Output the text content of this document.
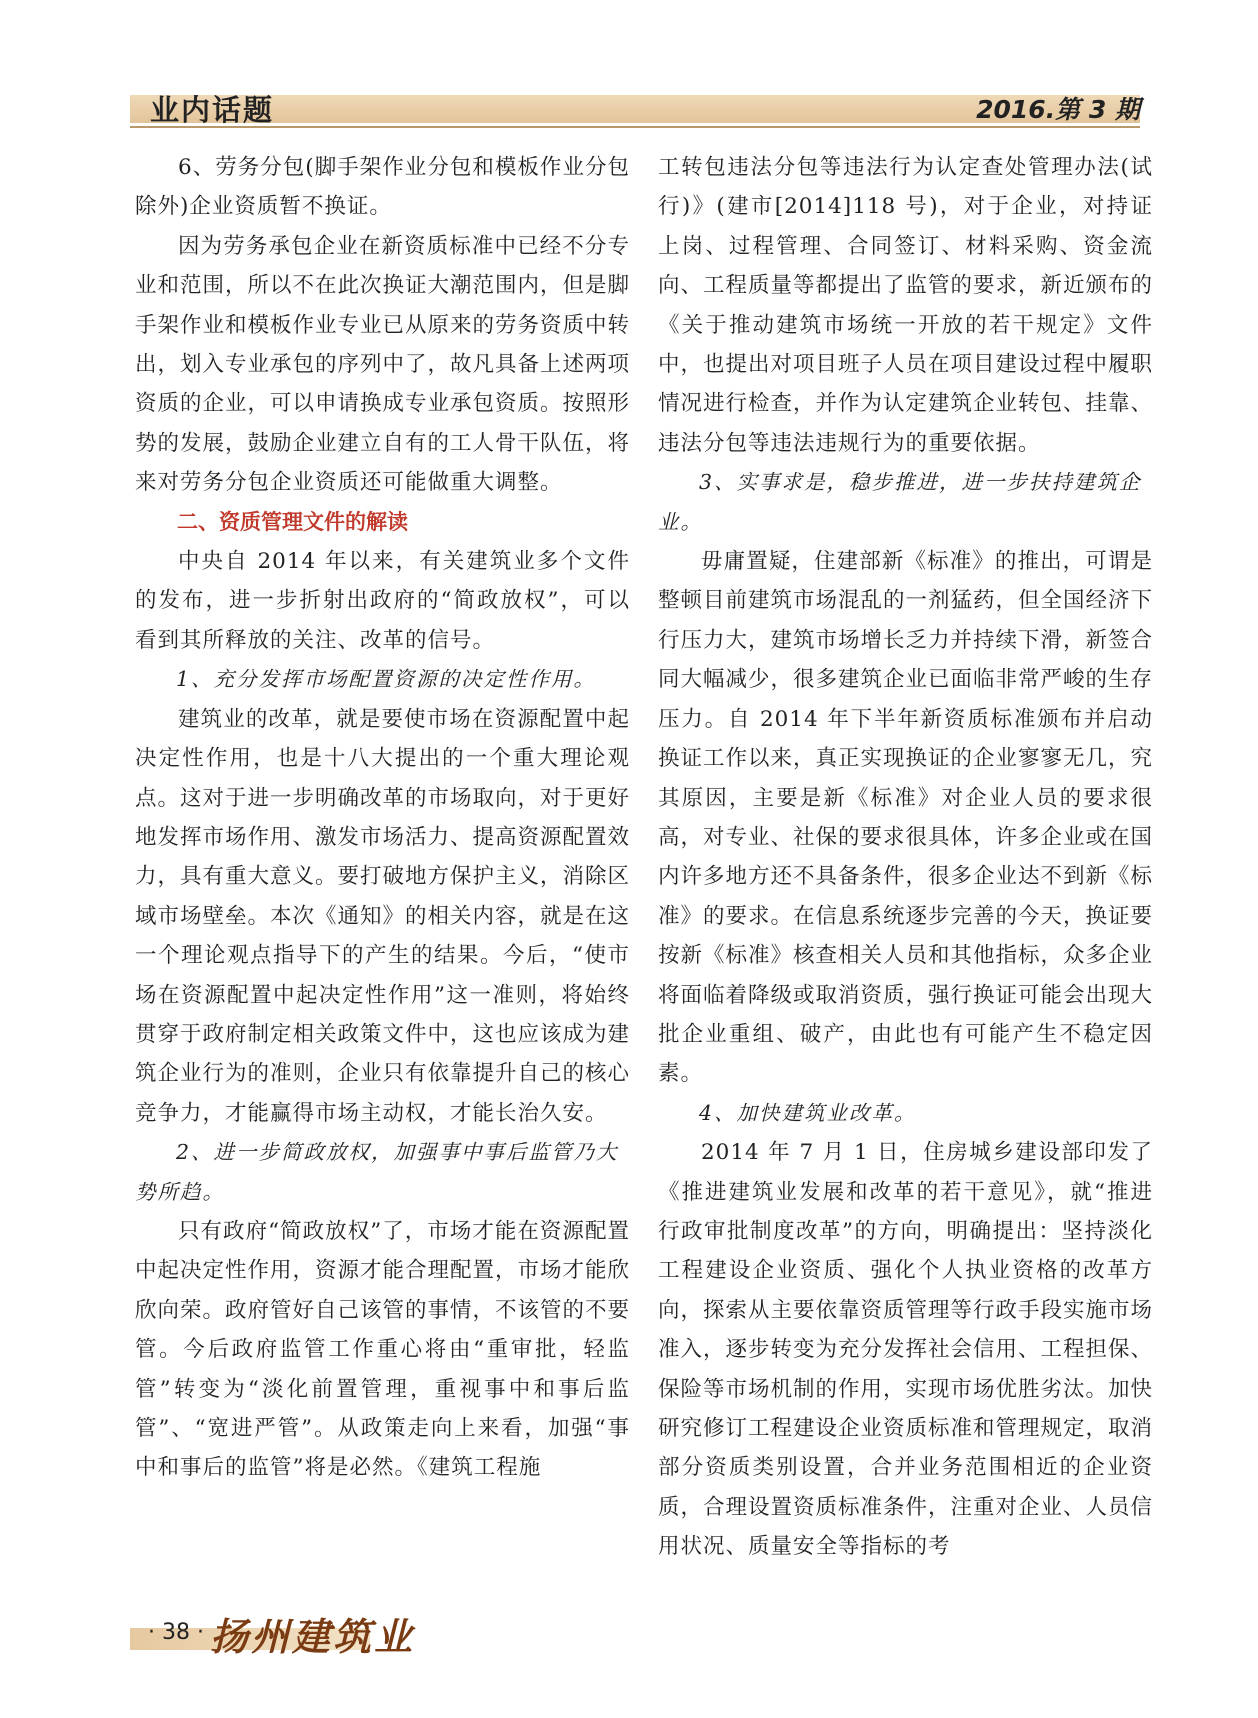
业内话题	2016.第 3 期

6、劳务分包(脚手架作业分包和模板作业分包除外)企业资质暂不换证。

因为劳务承包企业在新资质标准中已经不分专业和范围，所以不在此次换证大潮范围内，但是脚手架作业和模板作业专业已从原来的劳务资质中转出，划入专业承包的序列中了，故凡具备上述两项资质的企业，可以申请换成专业承包资质。按照形势的发展，鼓励企业建立自有的工人骨干队伍，将来对劳务分包企业资质还可能做重大调整。

二、资质管理文件的解读

中央自 2014 年以来，有关建筑业多个文件的发布，进一步折射出政府的“简政放权”，可以看到其所释放的关注、改革的信号。

1、充分发挥市场配置资源的决定性作用。

建筑业的改革，就是要使市场在资源配置中起决定性作用，也是十八大提出的一个重大理论观点。这对于进一步明确改革的市场取向，对于更好地发挥市场作用、激发市场活力、提高资源配置效力，具有重大意义。要打破地方保护主义，消除区域市场壁垒。本次《通知》的相关内容，就是在这一个理论观点指导下的产生的结果。今后，“使市场在资源配置中起决定性作用”这一准则，将始终贯穿于政府制定相关政策文件中，这也应该成为建筑企业行为的准则，企业只有依靠提升自己的核心竞争力，才能赢得市场主动权，才能长治久安。

2、进一步简政放权，加强事中事后监管乃大势所趋。

只有政府“简政放权”了，市场才能在资源配置中起决定性作用，资源才能合理配置，市场才能欣欣向荣。政府管好自己该管的事情，不该管的不要管。今后政府监管工作重心将由“重审批，轻监管”转变为“淡化前置管理，重视事中和事后监管”、“宽进严管”。从政策走向上来看，加强“事中和事后的监管”将是必然。《建筑工程施

工转包违法分包等违法行为认定查处管理办法(试行)》(建市[2014]118 号)，对于企业，对持证上岗、过程管理、合同签订、材料采购、资金流向、工程质量等都提出了监管的要求，新近颁布的《关于推动建筑市场统一开放的若干规定》文件中，也提出对项目班子人员在项目建设过程中履职情况进行检查，并作为认定建筑企业转包、挂靠、违法分包等违法违规行为的重要依据。

3、实事求是，稳步推进，进一步扶持建筑企业。

毋庸置疑，住建部新《标准》的推出，可谓是整顿目前建筑市场混乱的一剂猛药，但全国经济下行压力大，建筑市场增长乏力并持续下滑，新签合同大幅减少，很多建筑企业已面临非常严峻的生存压力。自 2014 年下半年新资质标准颁布并启动换证工作以来，真正实现换证的企业寥寥无几，究其原因，主要是新《标准》对企业人员的要求很高，对专业、社保的要求很具体，许多企业或在国内许多地方还不具备条件，很多企业达不到新《标准》的要求。在信息系统逐步完善的今天，换证要按新《标准》核查相关人员和其他指标，众多企业将面临着降级或取消资质，强行换证可能会出现大批企业重组、破产，由此也有可能产生不稳定因素。

4、加快建筑业改革。

2014 年 7 月 1 日，住房城乡建设部印发了《推进建筑业发展和改革的若干意见》，就“推进行政审批制度改革”的方向，明确提出：坚持淡化工程建设企业资质、强化个人执业资格的改革方向，探索从主要依靠资质管理等行政手段实施市场准入，逐步转变为充分发挥社会信用、工程担保、保险等市场机制的作用，实现市场优胜劣汰。加快研究修订工程建设企业资质标准和管理规定，取消部分资质类别设置，合并业务范围相近的企业资质，合理设置资质标准条件，注重对企业、人员信用状况、质量安全等指标的考

· 38 · 扬州建筑业
